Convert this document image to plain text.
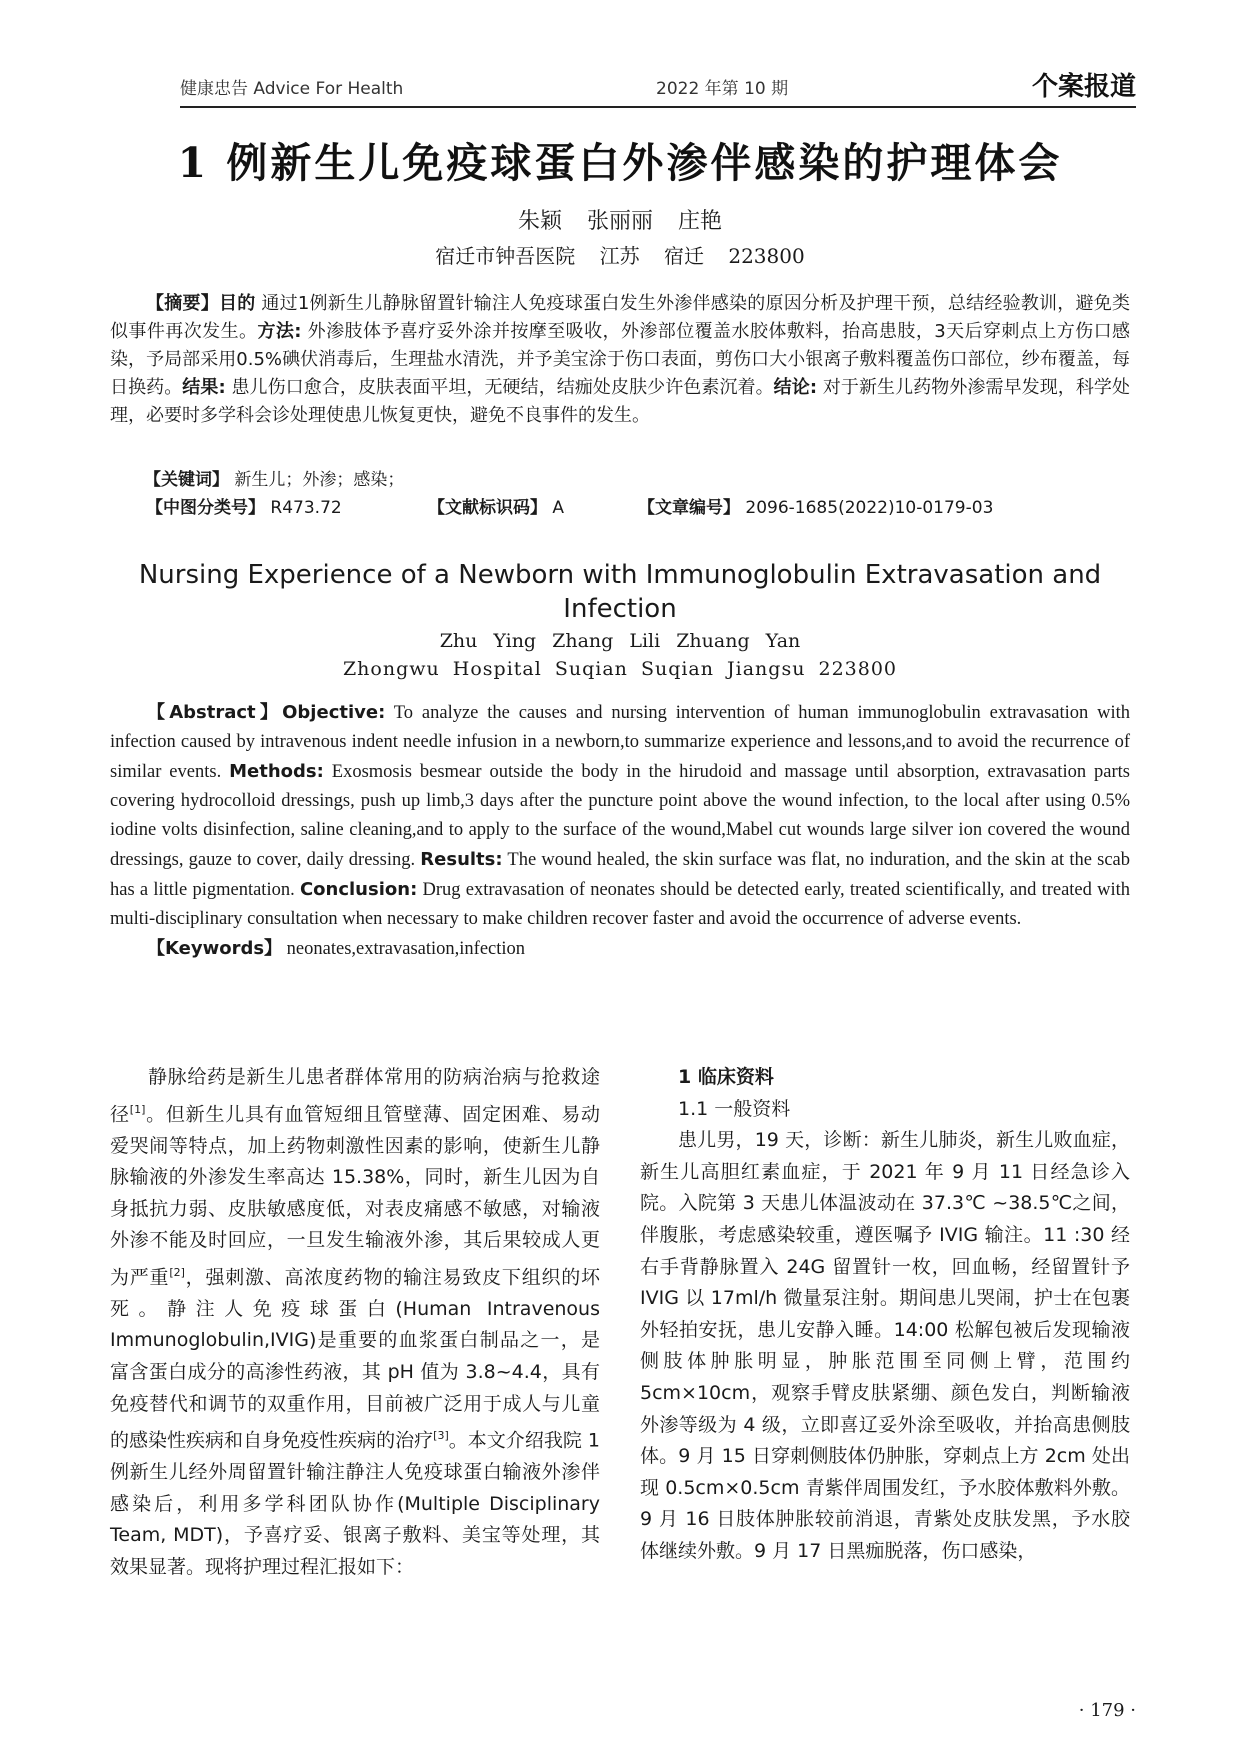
健康忠告 Advice For Health	2022 年第 10 期	个案报道
1 例新生儿免疫球蛋白外渗伴感染的护理体会
朱颖 张丽丽 庄艳
宿迁市钟吾医院 江苏 宿迁 223800

【摘要】目的 通过1例新生儿静脉留置针输注人免疫球蛋白发生外渗伴感染的原因分析及护理干预，总结经验教训，避免类似事件再次发生。方法: 外渗肢体予喜疗妥外涂并按摩至吸收，外渗部位覆盖水胶体敷料，抬高患肢，3天后穿刺点上方伤口感染，予局部采用0.5%碘伏消毒后，生理盐水清洗，并予美宝涂于伤口表面，剪伤口大小银离子敷料覆盖伤口部位，纱布覆盖，每日换药。结果: 患儿伤口愈合，皮肤表面平坦，无硬结，结痂处皮肤少许色素沉着。结论: 对于新生儿药物外渗需早发现，科学处理，必要时多学科会诊处理使患儿恢复更快，避免不良事件的发生。

【关键词】 新生儿；外渗；感染；
【中图分类号】 R473.72	【文献标识码】 A	【文章编号】 2096-1685(2022)10-0179-03
Nursing Experience of a Newborn with Immunoglobulin Extravasation and Infection
Zhu Ying Zhang Lili Zhuang Yan
Zhongwu Hospital Suqian Suqian Jiangsu 223800

【Abstract】Objective: To analyze the causes and nursing intervention of human immunoglobulin extravasation with infection caused by intravenous indent needle infusion in a newborn,to summarize experience and lessons,and to avoid the recurrence of similar events. Methods: Exosmosis besmear outside the body in the hirudoid and massage until absorption, extravasation parts covering hydrocolloid dressings, push up limb,3 days after the puncture point above the wound infection, to the local after using 0.5% iodine volts disinfection, saline cleaning,and to apply to the surface of the wound,Mabel cut wounds large silver ion covered the wound dressings, gauze to cover, daily dressing. Results: The wound healed, the skin surface was flat, no induration, and the skin at the scab has a little pigmentation. Conclusion: Drug extravasation of neonates should be detected early, treated scientifically, and treated with multi-disciplinary consultation when necessary to make children recover faster and avoid the occurrence of adverse events.

【Keywords】 neonates,extravasation,infection

静脉给药是新生儿患者群体常用的防病治病与抢救途径[1]。但新生儿具有血管短细且管壁薄、固定困难、易动爱哭闹等特点，加上药物刺激性因素的影响，使新生儿静脉输液的外渗发生率高达 15.38%，同时，新生儿因为自身抵抗力弱、皮肤敏感度低，对表皮痛感不敏感，对输液外渗不能及时回应，一旦发生输液外渗，其后果较成人更为严重[2]，强刺激、高浓度药物的输注易致皮下组织的坏死。静注人免疫球蛋白(Human Intravenous Immunoglobulin,IVIG)是重要的血浆蛋白制品之一，是富含蛋白成分的高渗性药液，其 pH 值为 3.8~4.4，具有免疫替代和调节的双重作用，目前被广泛用于成人与儿童的感染性疾病和自身免疫性疾病的治疗[3]。本文介绍我院 1 例新生儿经外周留置针输注静注人免疫球蛋白输液外渗伴感染后，利用多学科团队协作(Multiple Disciplinary Team, MDT)，予喜疗妥、银离子敷料、美宝等处理，其效果显著。现将护理过程汇报如下：

1 临床资料

1.1 一般资料

患儿男，19 天，诊断：新生儿肺炎，新生儿败血症，新生儿高胆红素血症，于 2021 年 9 月 11 日经急诊入院。入院第 3 天患儿体温波动在 37.3℃ ~38.5℃之间，伴腹胀，考虑感染较重，遵医嘱予 IVIG 输注。11 :30 经右手背静脉置入 24G 留置针一枚，回血畅，经留置针予 IVIG 以 17ml/h 微量泵注射。期间患儿哭闹，护士在包裹外轻拍安抚，患儿安静入睡。14:00 松解包被后发现输液侧肢体肿胀明显，肿胀范围至同侧上臂，范围约 5cm×10cm，观察手臂皮肤紧绷、颜色发白，判断输液外渗等级为 4 级，立即喜辽妥外涂至吸收，并抬高患侧肢体。9 月 15 日穿刺侧肢体仍肿胀，穿刺点上方 2cm 处出现 0.5cm×0.5cm 青紫伴周围发红，予水胶体敷料外敷。9 月 16 日肢体肿胀较前消退，青紫处皮肤发黑，予水胶体继续外敷。9 月 17 日黑痂脱落，伤口感染，

· 179 ·
